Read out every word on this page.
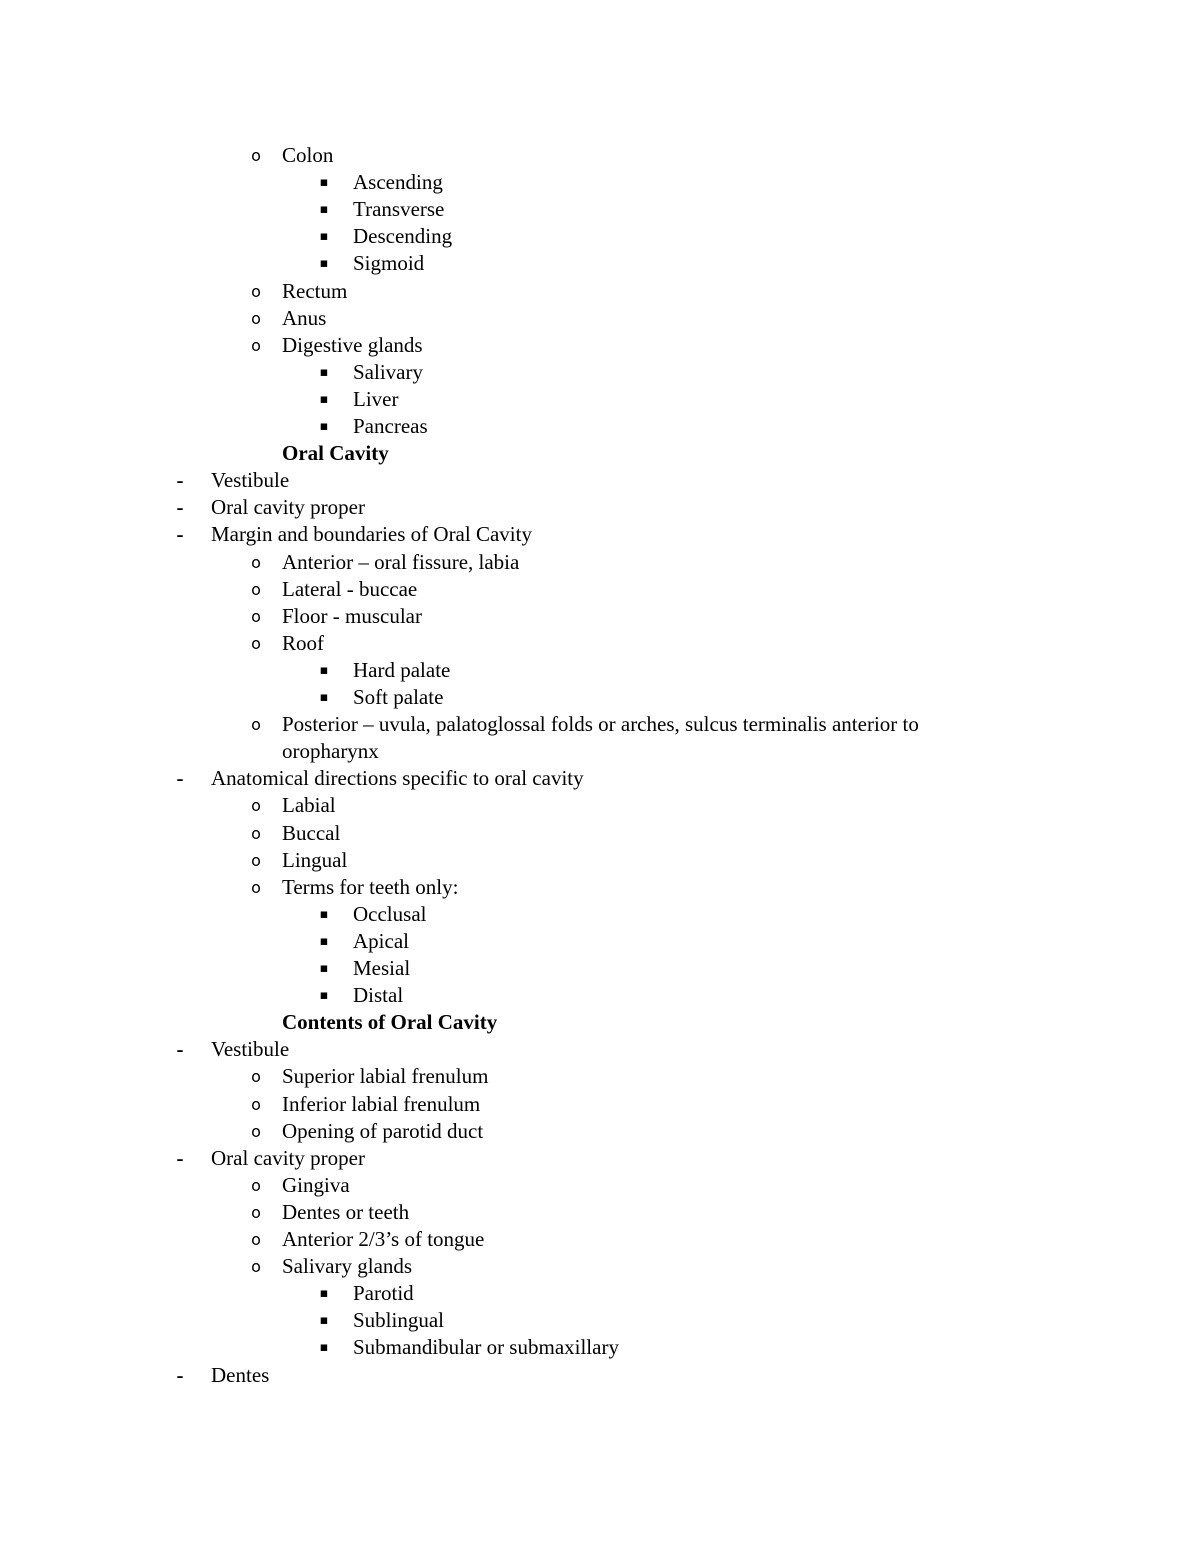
o	Colon
▪ Ascending
▪ Transverse
▪ Descending
▪ Sigmoid
o	Rectum
o	Anus
o	Digestive glands
▪ Salivary
▪ Liver
▪ Pancreas
Oral Cavity
- Vestibule
- Oral cavity proper
- Margin and boundaries of Oral Cavity
o	Anterior – oral fissure, labia
o	Lateral - buccae
o	Floor - muscular
o	Roof
▪ Hard palate
▪ Soft palate
o	Posterior – uvula, palatoglossal folds or arches, sulcus terminalis anterior to
oropharynx
- Anatomical directions specific to oral cavity
o	Labial
o	Buccal
o	Lingual
o	Terms for teeth only:
▪ Occlusal
▪ Apical
▪ Mesial
▪ Distal
Contents of Oral Cavity
- Vestibule
o	Superior labial frenulum
o	Inferior labial frenulum
o	Opening of parotid duct
- Oral cavity proper
o	Gingiva
o	Dentes or teeth
o	Anterior 2/3’s of tongue
o	Salivary glands
▪ Parotid
▪ Sublingual
▪ Submandibular or submaxillary
- Dentes
